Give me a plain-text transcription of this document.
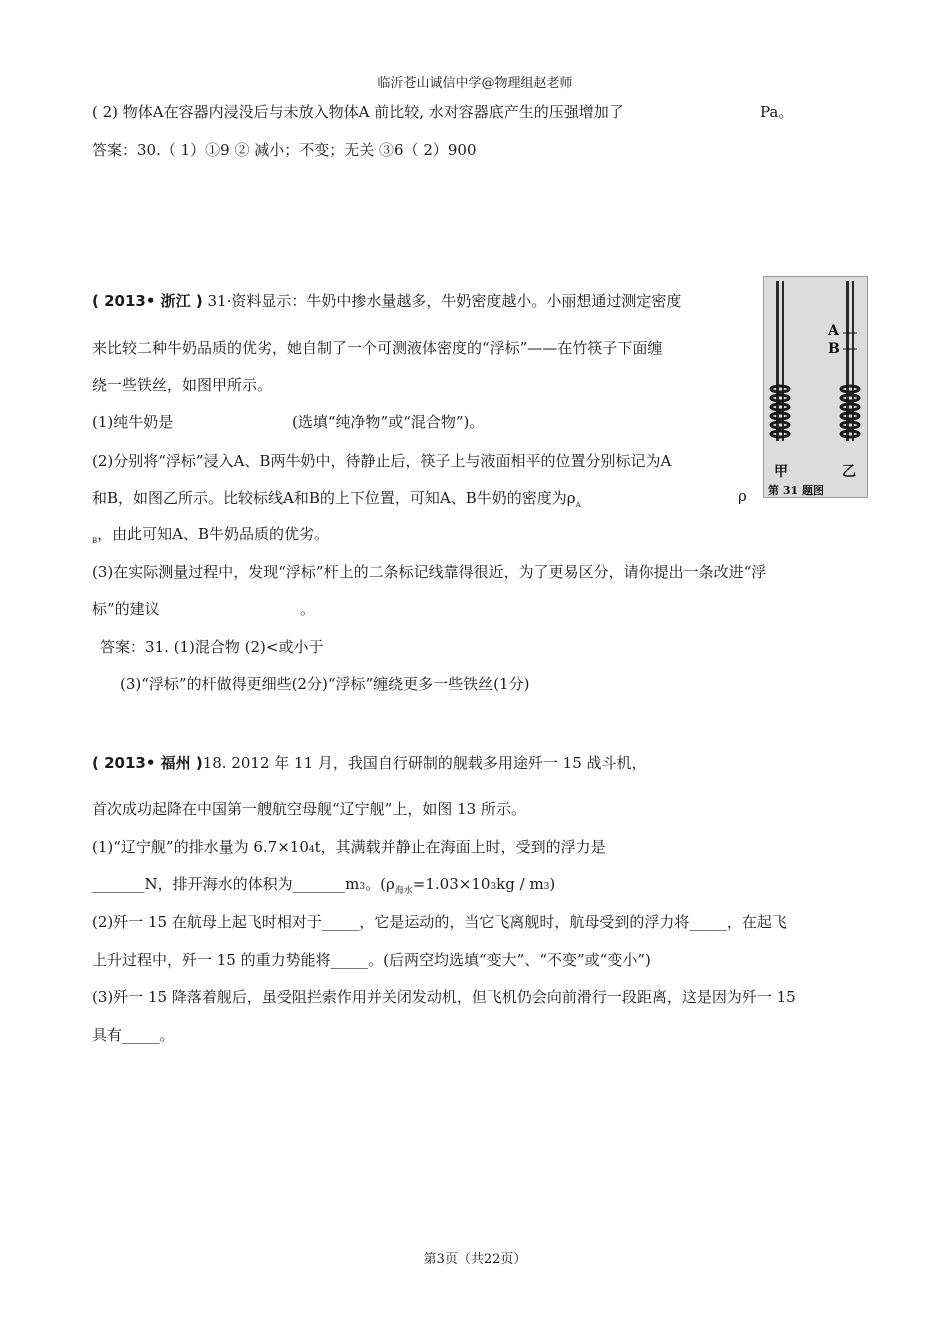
临沂苍山诚信中学@物理组赵老师
( 2) 物体A在容器内浸没后与未放入物体A 前比较, 水对容器底产生的压强增加了	Pa。
答案：30.（ 1）①9 ② 减小；不变；无关 ③6（ 2）900
( 2013• 浙江 ) 31·资料显示：牛奶中掺水量越多，牛奶密度越小。小丽想通过测定密度
来比较二种牛奶品质的优劣，她自制了一个可测液体密度的“浮标”——在竹筷子下面缠
绕一些铁丝，如图甲所示。
(1)纯牛奶是	(选填“纯净物”或“混合物”)。
(2)分别将“浮标”浸入A、B两牛奶中，待静止后，筷子上与液面相平的位置分别标记为A
和B，如图乙所示。比较标线A和B的上下位置，可知A、B牛奶的密度为$\rho_A$	ρ
$_B$，由此可知A、B牛奶品质的优劣。
(3)在实际测量过程中，发现“浮标”杆上的二条标记线靠得很近，为了更易区分，请你提出一条改进“浮
标”的建议	。
答案：31. (1)混合物 (2)<或小于
(3)“浮标”的杆做得更细些(2分)“浮标”缠绕更多一些铁丝(1分)
A
B
甲	乙
第 31 题图
( 2013• 福州 )18. 2012 年 11 月，我国自行研制的舰载多用途歼一 15 战斗机，
首次成功起降在中国第一艘航空母舰“辽宁舰”上，如图 13 所示。
(1)“辽宁舰”的排水量为 6.7×104t，其满载并静止在海面上时，受到的浮力是
_______N，排开海水的体积为_______m3。$(\rho_{海水}=1.03\times 103kg / m3)$
(2)歼一 15 在航母上起飞时相对于_____，它是运动的，当它飞离舰时，航母受到的浮力将_____，在起飞
上升过程中，歼一 15 的重力势能将_____。(后两空均选填“变大”、“不变”或“变小”)
(3)歼一 15 降落着舰后，虽受阻拦索作用并关闭发动机，但飞机仍会向前滑行一段距离，这是因为歼一 15
具有_____。
第3页（共22页）
